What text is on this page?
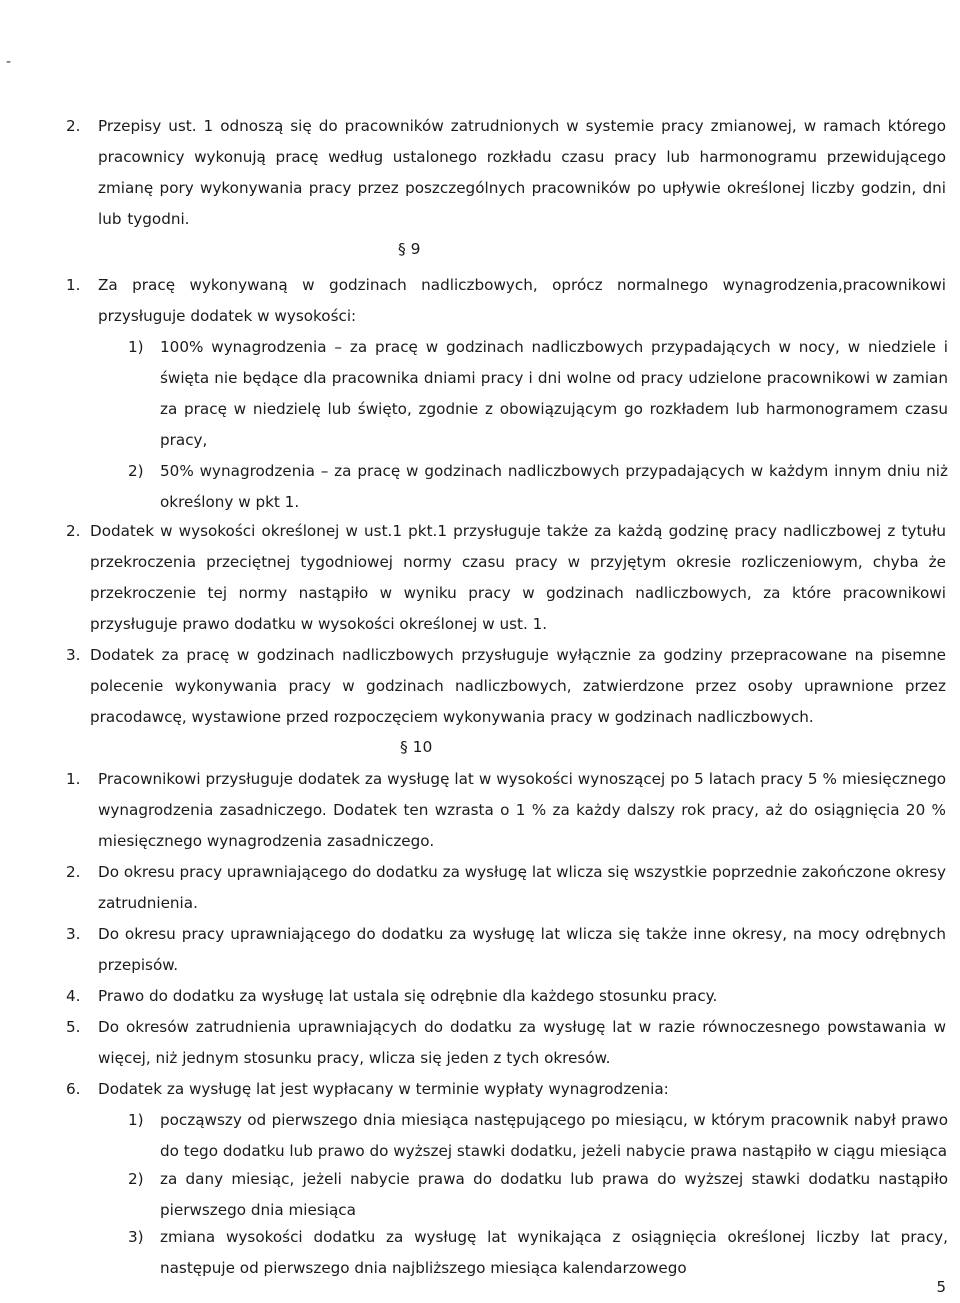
-
2. Przepisy ust. 1 odnoszą się do pracowników zatrudnionych w systemie pracy zmianowej, w ramach którego pracownicy wykonują pracę według ustalonego rozkładu czasu pracy lub harmonogramu przewidującego zmianę pory wykonywania pracy przez poszczególnych pracowników po upływie określonej liczby godzin, dni lub tygodni.
§ 9
1. Za pracę wykonywaną w godzinach nadliczbowych, oprócz normalnego wynagrodzenia,pracownikowi przysługuje dodatek w wysokości:
1) 100% wynagrodzenia – za pracę w godzinach nadliczbowych przypadających w nocy, w niedziele i święta nie będące dla pracownika dniami pracy i dni wolne od pracy udzielone pracownikowi w zamian za pracę w niedzielę lub święto, zgodnie z obowiązującym go rozkładem lub harmonogramem czasu pracy,
2) 50% wynagrodzenia – za pracę w godzinach nadliczbowych przypadających w każdym innym dniu niż określony w pkt 1.
2. Dodatek w wysokości określonej w ust.1 pkt.1 przysługuje także za każdą godzinę pracy nadliczbowej z tytułu przekroczenia przeciętnej tygodniowej normy czasu pracy w przyjętym okresie rozliczeniowym, chyba że przekroczenie tej normy nastąpiło w wyniku pracy w godzinach nadliczbowych, za które pracownikowi przysługuje prawo dodatku w wysokości określonej w ust. 1.
3. Dodatek za pracę w godzinach nadliczbowych przysługuje wyłącznie za godziny przepracowane na pisemne polecenie wykonywania pracy w godzinach nadliczbowych, zatwierdzone przez osoby uprawnione przez pracodawcę, wystawione przed rozpoczęciem wykonywania pracy w godzinach nadliczbowych.
§ 10
1. Pracownikowi przysługuje dodatek za wysługę lat w wysokości wynoszącej po 5 latach pracy 5 % miesięcznego wynagrodzenia zasadniczego. Dodatek ten wzrasta o 1 % za każdy dalszy rok pracy, aż do osiągnięcia 20 % miesięcznego wynagrodzenia zasadniczego.
2. Do okresu pracy uprawniającego do dodatku za wysługę lat wlicza się wszystkie poprzednie zakończone okresy zatrudnienia.
3. Do okresu pracy uprawniającego do dodatku za wysługę lat wlicza się także inne okresy, na mocy odrębnych przepisów.
4. Prawo do dodatku za wysługę lat ustala się odrębnie dla każdego stosunku pracy.
5. Do okresów zatrudnienia uprawniających do dodatku za wysługę lat w razie równoczesnego powstawania w więcej, niż jednym stosunku pracy, wlicza się jeden z tych okresów.
6. Dodatek za wysługę lat jest wypłacany w terminie wypłaty wynagrodzenia:
1) począwszy od pierwszego dnia miesiąca następującego po miesiącu, w którym pracownik nabył prawo do tego dodatku lub prawo do wyższej stawki dodatku, jeżeli nabycie prawa nastąpiło w ciągu miesiąca
2) za dany miesiąc, jeżeli nabycie prawa do dodatku lub prawa do wyższej stawki dodatku nastąpiło pierwszego dnia miesiąca
3) zmiana wysokości dodatku za wysługę lat wynikająca z osiągnięcia określonej liczby lat pracy, następuje od pierwszego dnia najbliższego miesiąca kalendarzowego
5
